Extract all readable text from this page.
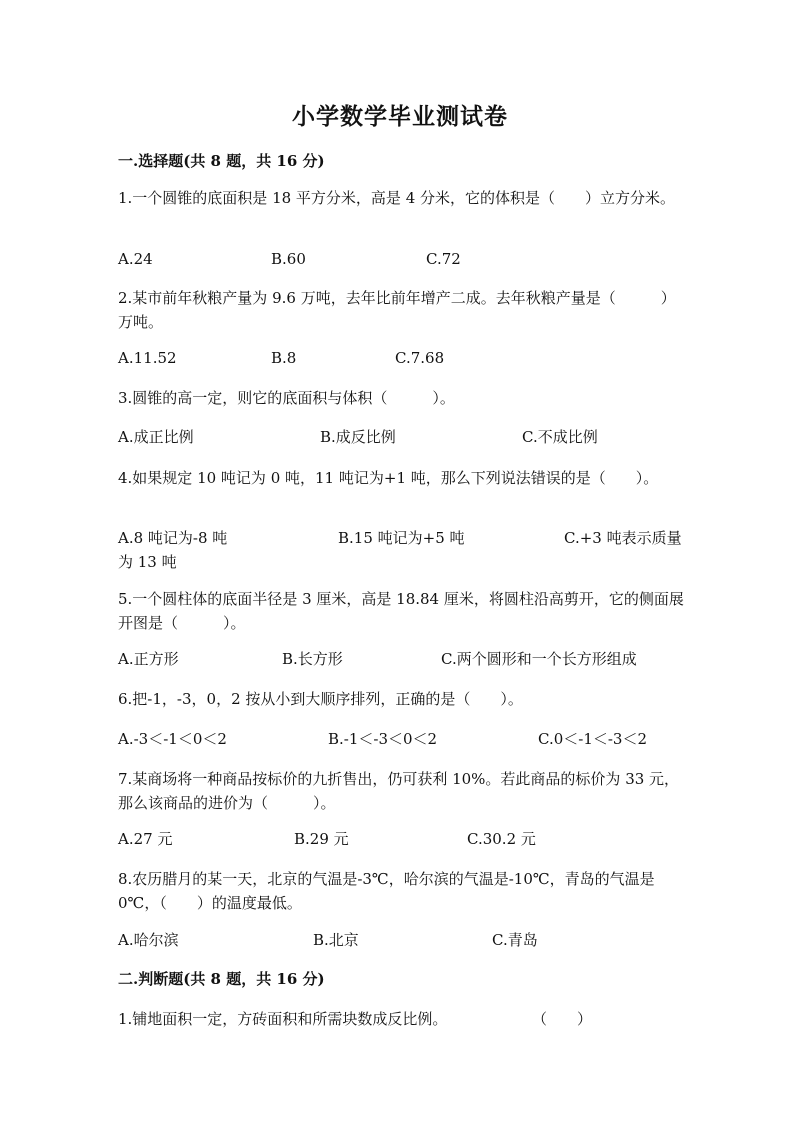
小学数学毕业测试卷
一.选择题(共 8 题，共 16 分)
1.一个圆锥的底面积是 18 平方分米，高是 4 分米，它的体积是（　　）立方分米。
A.24	B.60	C.72
2.某市前年秋粮产量为 9.6 万吨，去年比前年增产二成。去年秋粮产量是（　　　）万吨。
A.11.52	B.8	C.7.68
3.圆锥的高一定，则它的底面积与体积（　　　）。
A.成正比例	B.成反比例	C.不成比例
4.如果规定 10 吨记为 0 吨，11 吨记为+1 吨，那么下列说法错误的是（　　）。
A.8 吨记为-8 吨	B.15 吨记为+5 吨	C.+3 吨表示质量为 13 吨
5.一个圆柱体的底面半径是 3 厘米，高是 18.84 厘米，将圆柱沿高剪开，它的侧面展开图是（　　　）。
A.正方形	B.长方形	C.两个圆形和一个长方形组成
6.把-1，-3，0，2 按从小到大顺序排列，正确的是（　　）。
A.-3＜-1＜0＜2	B.-1＜-3＜0＜2	C.0＜-1＜-3＜2
7.某商场将一种商品按标价的九折售出，仍可获利 10%。若此商品的标价为 33 元，那么该商品的进价为（　　　）。
A.27 元	B.29 元	C.30.2 元
8.农历腊月的某一天，北京的气温是-3℃，哈尔滨的气温是-10℃，青岛的气温是 0℃，（　　）的温度最低。
A.哈尔滨	B.北京	C.青岛
二.判断题(共 8 题，共 16 分)
1.铺地面积一定，方砖面积和所需块数成反比例。	（　　）
